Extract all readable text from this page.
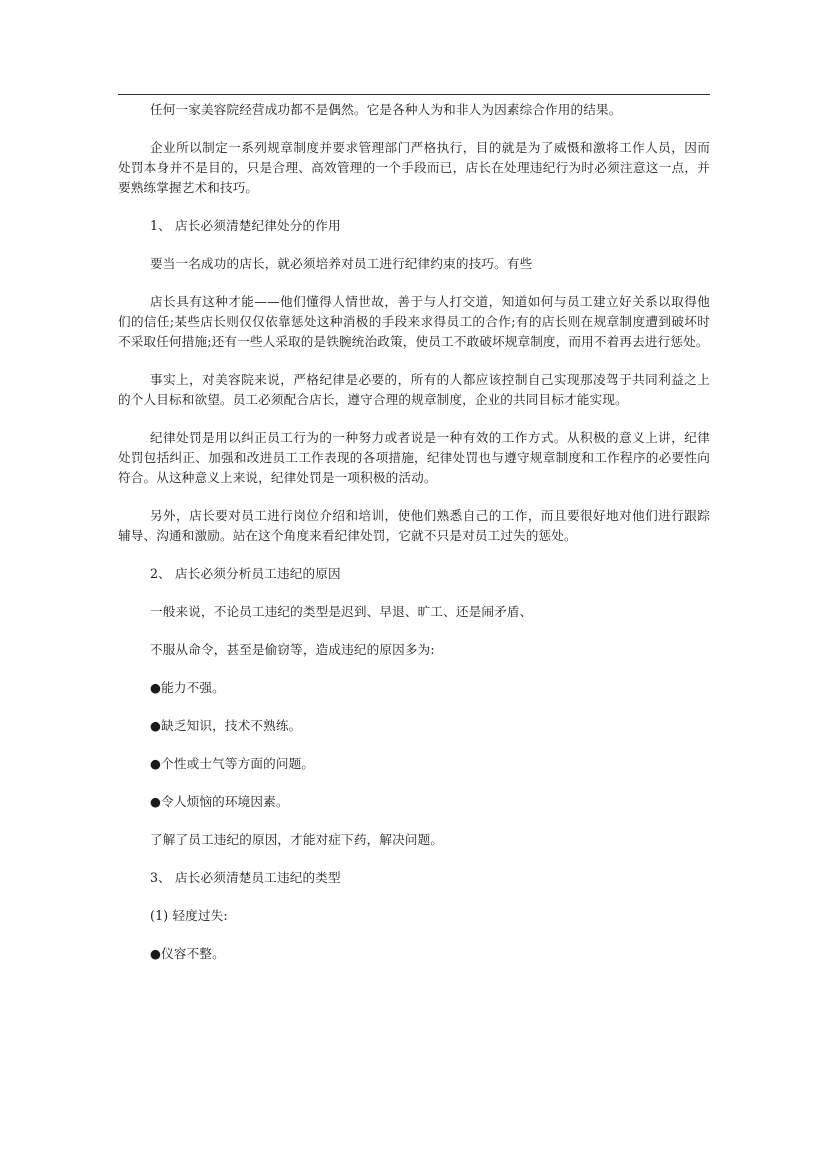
任何一家美容院经营成功都不是偶然。它是各种人为和非人为因素综合作用的结果。

企业所以制定一系列规章制度并要求管理部门严格执行，目的就是为了威慑和激将工作人员，因而处罚本身并不是目的，只是合理、高效管理的一个手段而已，店长在处理违纪行为时必须注意这一点，并要熟练掌握艺术和技巧。

1、 店长必须清楚纪律处分的作用

要当一名成功的店长，就必须培养对员工进行纪律约束的技巧。有些

店长具有这种才能——他们懂得人情世故，善于与人打交道，知道如何与员工建立好关系以取得他们的信任;某些店长则仅仅依靠惩处这种消极的手段来求得员工的合作;有的店长则在规章制度遭到破坏时不采取任何措施;还有一些人采取的是铁腕统治政策，使员工不敢破坏规章制度，而用不着再去进行惩处。

事实上，对美容院来说，严格纪律是必要的，所有的人都应该控制自己实现那凌驾于共同利益之上的个人目标和欲望。员工必须配合店长，遵守合理的规章制度，企业的共同目标才能实现。

纪律处罚是用以纠正员工行为的一种努力或者说是一种有效的工作方式。从积极的意义上讲，纪律处罚包括纠正、加强和改进员工工作表现的各项措施，纪律处罚也与遵守规章制度和工作程序的必要性向符合。从这种意义上来说，纪律处罚是一项积极的活动。

另外，店长要对员工进行岗位介绍和培训，使他们熟悉自己的工作，而且要很好地对他们进行跟踪辅导、沟通和激励。站在这个角度来看纪律处罚，它就不只是对员工过失的惩处。

2、 店长必须分析员工违纪的原因

一般来说，不论员工违纪的类型是迟到、早退、旷工、还是闹矛盾、

不服从命令，甚至是偷窃等，造成违纪的原因多为:

●能力不强。

●缺乏知识，技术不熟练。

●个性或士气等方面的问题。

●令人烦恼的环境因素。

了解了员工违纪的原因，才能对症下药，解决问题。

3、 店长必须清楚员工违纪的类型

(1) 轻度过失:

●仪容不整。
